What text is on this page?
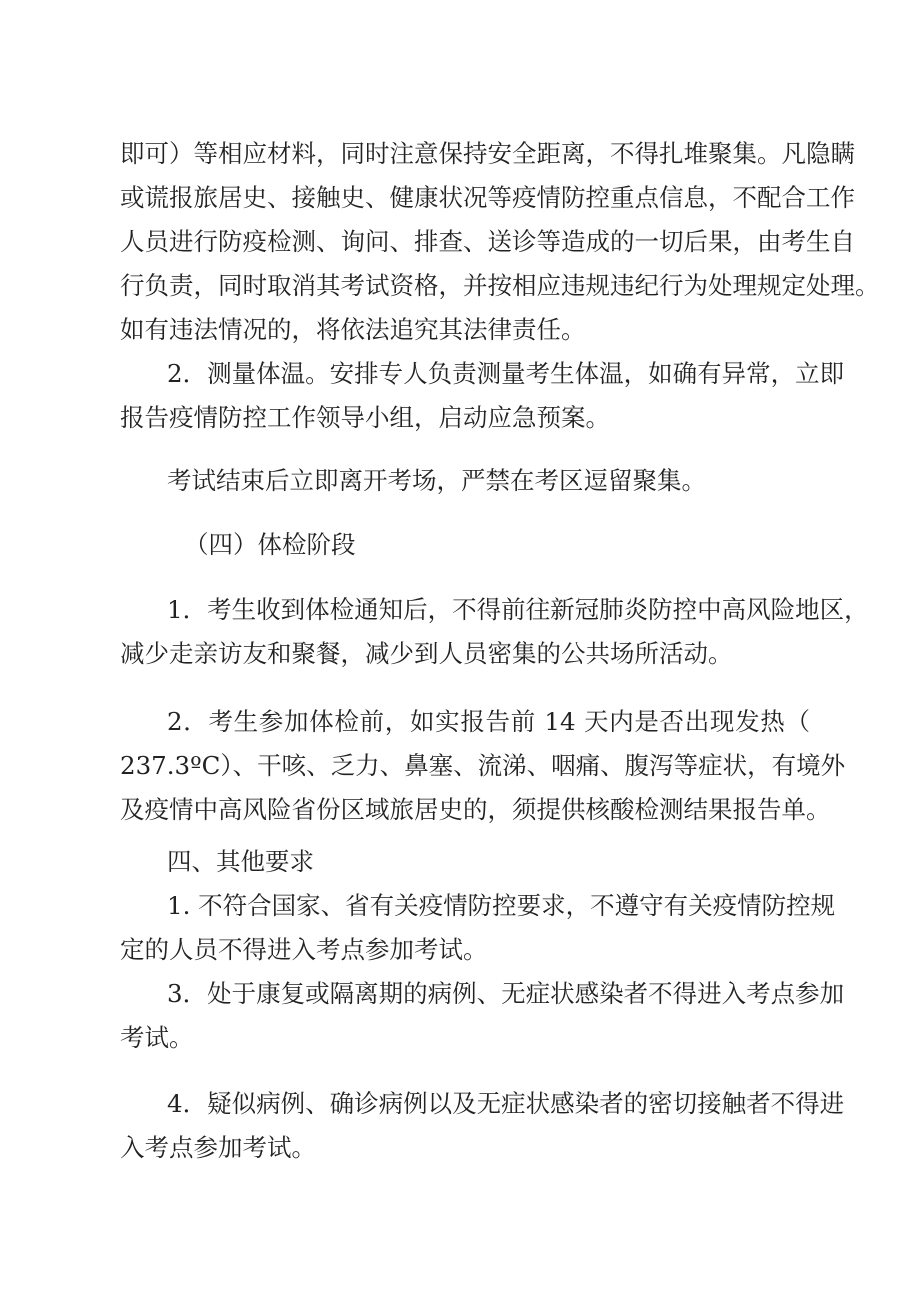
即可）等相应材料，同时注意保持安全距离，不得扎堆聚集。凡隐瞒
或谎报旅居史、接触史、健康状况等疫情防控重点信息，不配合工作
人员进行防疫检测、询问、排查、送诊等造成的一切后果，由考生自
行负责，同时取消其考试资格，并按相应违规违纪行为处理规定处理。
如有违法情况的，将依法追究其法律责任。
2．测量体温。安排专人负责测量考生体温，如确有异常，立即
报告疫情防控工作领导小组，启动应急预案。
考试结束后立即离开考场，严禁在考区逗留聚集。
（四）体检阶段
1．考生收到体检通知后，不得前往新冠肺炎防控中高风险地区，
减少走亲访友和聚餐，减少到人员密集的公共场所活动。
2．考生参加体检前，如实报告前 14 天内是否出现发热（
237.3ºC）、干咳、乏力、鼻塞、流涕、咽痛、腹泻等症状，有境外
及疫情中高风险省份区域旅居史的，须提供核酸检测结果报告单。
四、其他要求
1. 不符合国家、省有关疫情防控要求，不遵守有关疫情防控规
定的人员不得进入考点参加考试。
3．处于康复或隔离期的病例、无症状感染者不得进入考点参加
考试。
4．疑似病例、确诊病例以及无症状感染者的密切接触者不得进
入考点参加考试。
